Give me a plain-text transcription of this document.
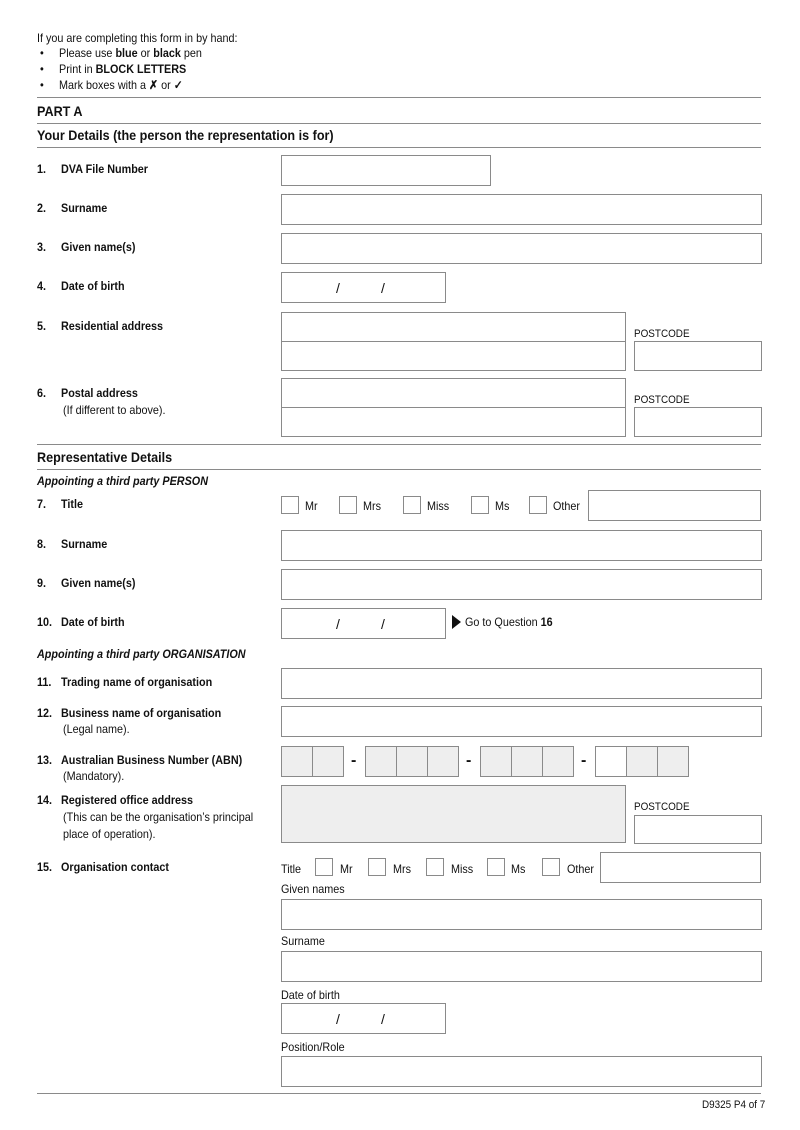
If you are completing this form in by hand:
• Please use blue or black pen
• Print in BLOCK LETTERS
• Mark boxes with a ✗ or ✓
PART A
Your Details (the person the representation is for)
1. DVA File Number
2. Surname
3. Given name(s)
4. Date of birth	/	/
5. Residential address
POSTCODE
6. Postal address
(If different to above).
POSTCODE
Representative Details
Appointing a third party PERSON
7. Title	Mr	Mrs	Miss	Ms	Other
8. Surname
9. Given name(s)
10. Date of birth	/	/	Go to Question 16
Appointing a third party ORGANISATION
11. Trading name of organisation
12. Business name of organisation
(Legal name).
13. Australian Business Number (ABN)
(Mandatory).
-	-	-
14. Registered office address
(This can be the organisation’s principal
place of operation).
POSTCODE
15. Organisation contact	Title	Mr	Mrs	Miss	Ms	Other
Given names
Surname
Date of birth
/	/
Position/Role
D9325 P4 of 7
